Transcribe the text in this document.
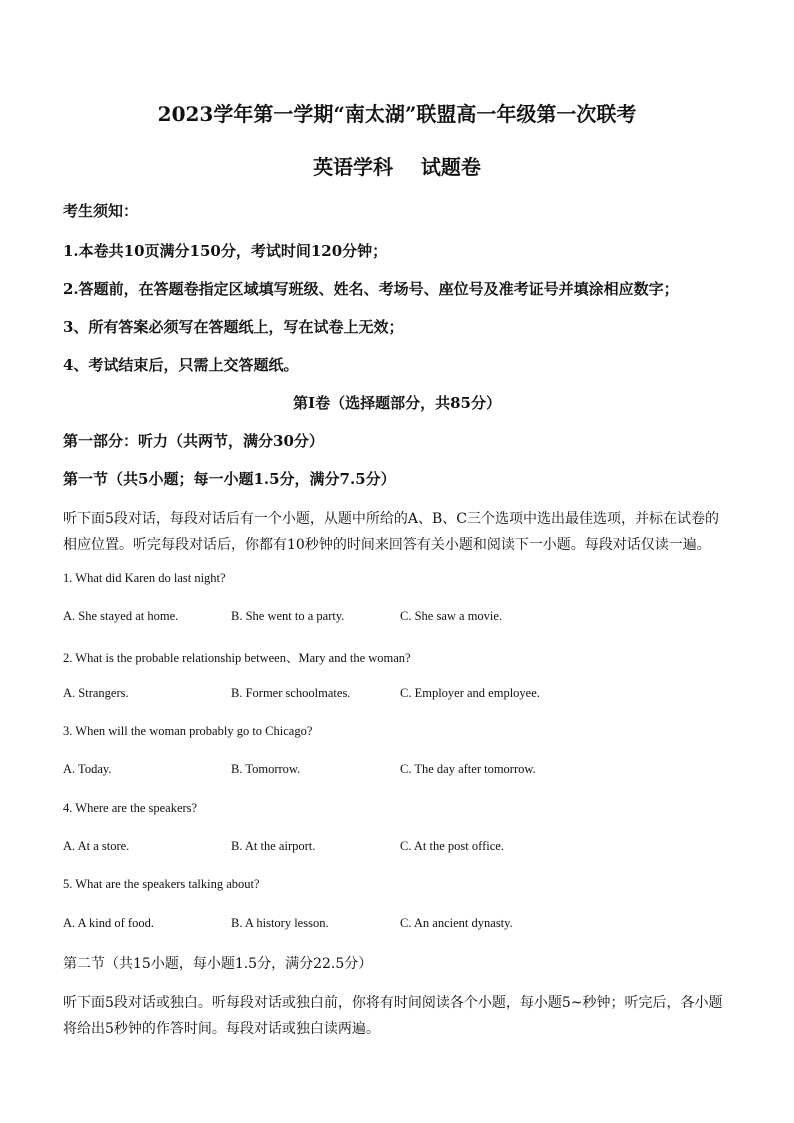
2023学年第一学期“南太湖”联盟高一年级第一次联考
英语学科    试题卷
考生须知：
1.本卷共10页满分150分，考试时间120分钟；
2.答题前，在答题卷指定区域填写班级、姓名、考场号、座位号及准考证号并填涂相应数字；
3、所有答案必须写在答题纸上，写在试卷上无效；
4、考试结束后，只需上交答题纸。
第Ⅰ卷（选择题部分，共85分）
第一部分：听力（共两节，满分30分）
第一节（共5小题；每一小题1.5分，满分7.5分）
听下面5段对话，每段对话后有一个小题，从题中所给的A、B、C三个选项中选出最佳选项，并标在试卷的
相应位置。听完每段对话后，你都有10秒钟的时间来回答有关小题和阅读下一小题。每段对话仅读一遍。
1. What did Karen do last night?
A. She stayed at home.	B. She went to a party.	C. She saw a movie.
2. What is the probable relationship between、Mary and the woman?
A. Strangers.	B. Former schoolmates.	C. Employer and employee.
3. When will the woman probably go to Chicago?
A. Today.	B. Tomorrow.	C. The day after tomorrow.
4. Where are the speakers?
A. At a store.	B. At the airport.	C. At the post office.
5. What are the speakers talking about?
A. A kind of food.	B. A history lesson.	C. An ancient dynasty.
第二节（共15小题，每小题1.5分，满分22.5分）
听下面5段对话或独白。听每段对话或独白前，你将有时间阅读各个小题，每小题5~秒钟；听完后，各小题
将给出5秒钟的作答时间。每段对话或独白读两遍。
